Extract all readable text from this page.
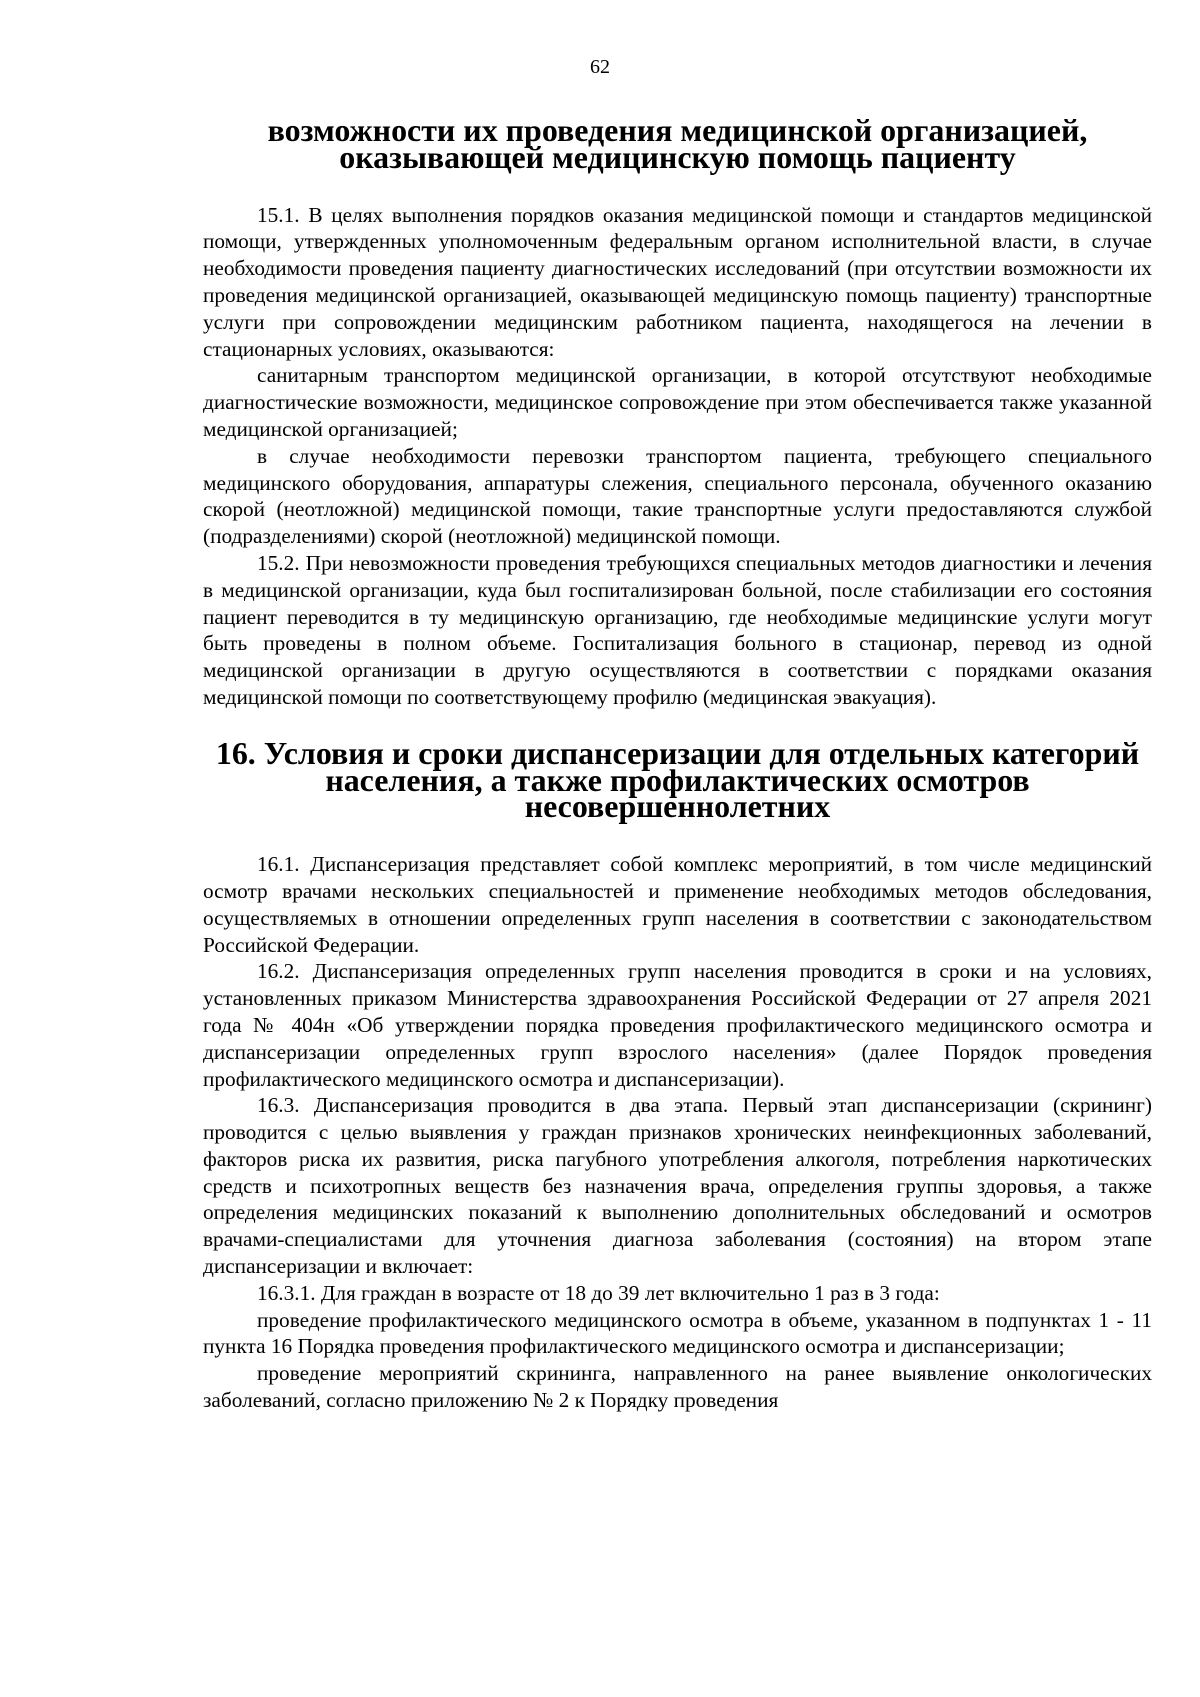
62
возможности их проведения медицинской организацией,
оказывающей медицинскую помощь пациенту

15.1. В целях выполнения порядков оказания медицинской помощи и стандартов медицинской помощи, утвержденных уполномоченным федеральным органом исполнительной власти, в случае необходимости проведения пациенту диагностических исследований (при отсутствии возможности их проведения медицинской организацией, оказывающей медицинскую помощь пациенту) транспортные услуги при сопровождении медицинским работником пациента, находящегося на лечении в стационарных условиях, оказываются:

санитарным транспортом медицинской организации, в которой отсутствуют необходимые диагностические возможности, медицинское сопровождение при этом обеспечивается также указанной медицинской организацией;

в случае необходимости перевозки транспортом пациента, требующего специального медицинского оборудования, аппаратуры слежения, специального персонала, обученного оказанию скорой (неотложной) медицинской помощи, такие транспортные услуги предоставляются службой (подразделениями) скорой (неотложной) медицинской помощи.

15.2. При невозможности проведения требующихся специальных методов диагностики и лечения в медицинской организации, куда был госпитализирован больной, после стабилизации его состояния пациент переводится в ту медицинскую организацию, где необходимые медицинские услуги могут быть проведены в полном объеме. Госпитализация больного в стационар, перевод из одной медицинской организации в другую осуществляются в соответствии с порядками оказания медицинской помощи по соответствующему профилю (медицинская эвакуация).

16. Условия и сроки диспансеризации для отдельных категорий
населения, а также профилактических осмотров
несовершеннолетних

16.1. Диспансеризация представляет собой комплекс мероприятий, в том числе медицинский осмотр врачами нескольких специальностей и применение необходимых методов обследования, осуществляемых в отношении определенных групп населения в соответствии с законодательством Российской Федерации.

16.2. Диспансеризация определенных групп населения проводится в сроки и на условиях, установленных приказом Министерства здравоохранения Российской Федерации от 27 апреля 2021 года № 404н «Об утверждении порядка проведения профилактического медицинского осмотра и диспансеризации определенных групп взрослого населения» (далее Порядок проведения профилактического медицинского осмотра и диспансеризации).

16.3. Диспансеризация проводится в два этапа. Первый этап диспансеризации (скрининг) проводится с целью выявления у граждан признаков хронических неинфекционных заболеваний, факторов риска их развития, риска пагубного употребления алкоголя, потребления наркотических средств и психотропных веществ без назначения врача, определения группы здоровья, а также определения медицинских показаний к выполнению дополнительных обследований и осмотров врачами-специалистами для уточнения диагноза заболевания (состояния) на втором этапе диспансеризации и включает:

16.3.1. Для граждан в возрасте от 18 до 39 лет включительно 1 раз в 3 года:

проведение профилактического медицинского осмотра в объеме, указанном в подпунктах 1 - 11 пункта 16 Порядка проведения профилактического медицинского осмотра и диспансеризации;

проведение мероприятий скрининга, направленного на ранее выявление онкологических заболеваний, согласно приложению № 2 к Порядку проведения
